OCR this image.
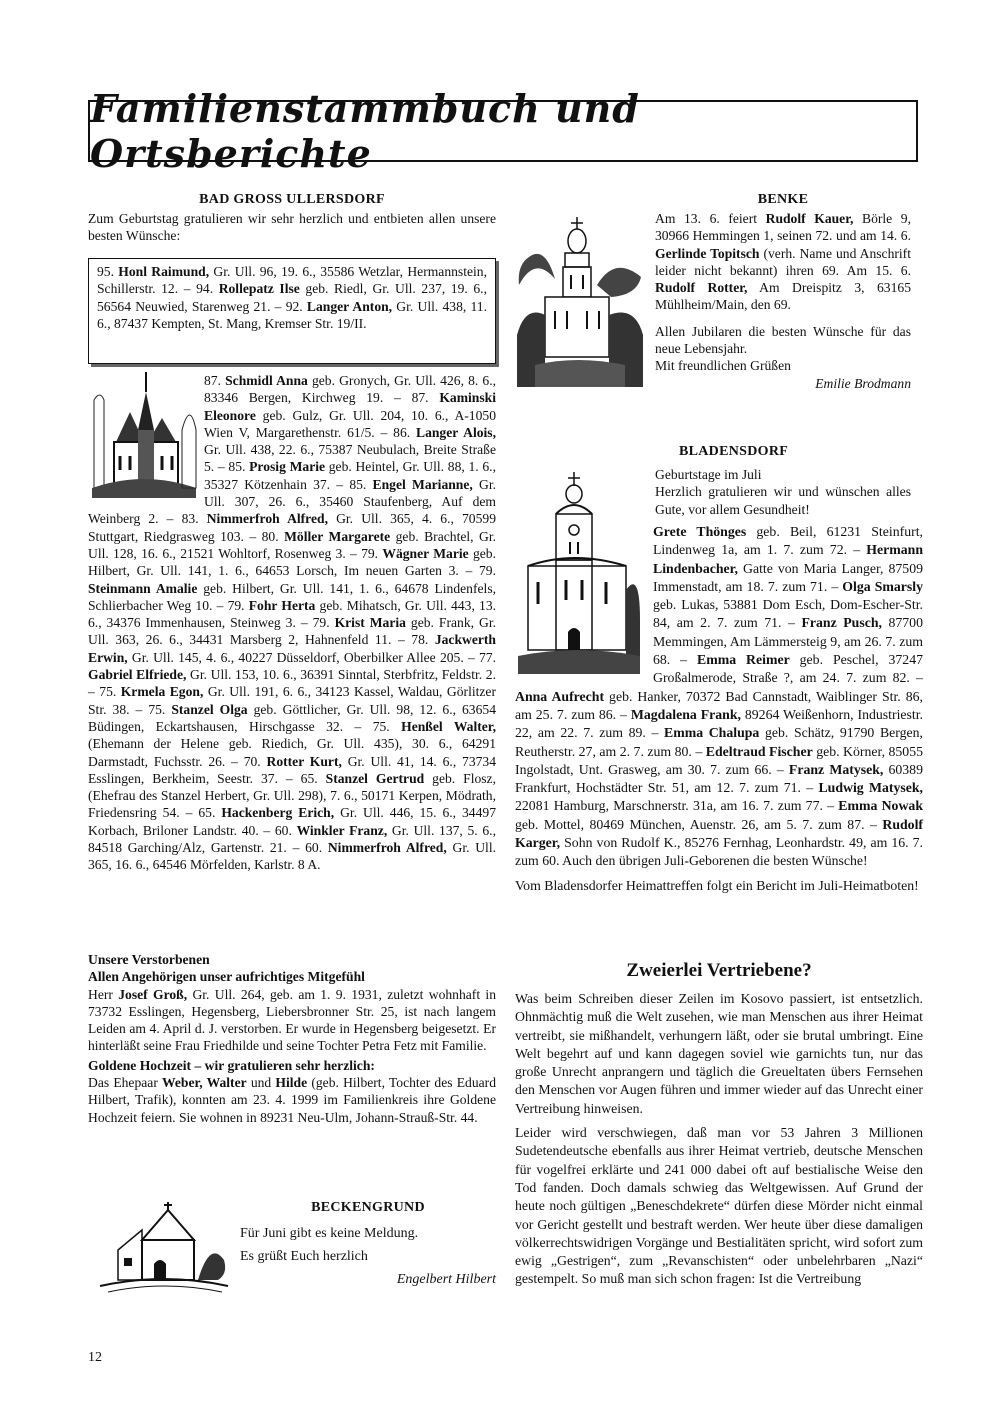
Familienstammbuch und Ortsberichte
BAD GROSS ULLERSDORF
Zum Geburtstag gratulieren wir sehr herzlich und entbieten allen unsere besten Wünsche:

95. Honl Raimund, Gr. Ull. 96, 19. 6., 35586 Wetzlar, Hermannstein, Schillerstr. 12. – 94. Rollepatz Ilse geb. Riedl, Gr. Ull. 237, 19. 6., 56564 Neuwied, Starenweg 21. – 92. Langer Anton, Gr. Ull. 438, 11. 6., 87437 Kempten, St. Mang, Kremser Str. 19/II.

87. Schmidl Anna geb. Gronych, Gr. Ull. 426, 8. 6., 83346 Bergen, Kirchweg 19. – 87. Kaminski Eleonore geb. Gulz, Gr. Ull. 204, 10. 6., A-1050 Wien V, Margarethenstr. 61/5. – 86. Langer Alois, Gr. Ull. 438, 22. 6., 75387 Neubulach, Breite Straße 5. – 85. Prosig Marie geb. Heintel, Gr. Ull. 88, 1. 6., 35327 Kötzenhain 37. – 85. Engel Marianne, Gr. Ull. 307, 26. 6., 35460 Staufenberg, Auf dem Weinberg 2. – 83. Nimmerfroh Alfred, Gr. Ull. 365, 4. 6., 70599 Stuttgart, Riedgrasweg 103. – 80. Möller Margarete geb. Brachtel, Gr. Ull. 128, 16. 6., 21521 Wohltorf, Rosenweg 3. – 79. Wägner Marie geb. Hilbert, Gr. Ull. 141, 1. 6., 64653 Lorsch, Im neuen Garten 3. – 79. Steinmann Amalie geb. Hilbert, Gr. Ull. 141, 1. 6., 64678 Lindenfels, Schlierbacher Weg 10. – 79. Fohr Herta geb. Mihatsch, Gr. Ull. 443, 13. 6., 34376 Immenhausen, Steinweg 3. – 79. Krist Maria geb. Frank, Gr. Ull. 363, 26. 6., 34431 Marsberg 2, Hahnenfeld 11. – 78. Jackwerth Erwin, Gr. Ull. 145, 4. 6., 40227 Düsseldorf, Oberbilker Allee 205. – 77. Gabriel Elfriede, Gr. Ull. 153, 10. 6., 36391 Sinntal, Sterbfritz, Feldstr. 2. – 75. Krmela Egon, Gr. Ull. 191, 6. 6., 34123 Kassel, Waldau, Görlitzer Str. 38. – 75. Stanzel Olga geb. Göttlicher, Gr. Ull. 98, 12. 6., 63654 Büdingen, Eckartshausen, Hirschgasse 32. – 75. Henßel Walter, (Ehemann der Helene geb. Riedich, Gr. Ull. 435), 30. 6., 64291 Darmstadt, Fuchsstr. 26. – 70. Rotter Kurt, Gr. Ull. 41, 14. 6., 73734 Esslingen, Berkheim, Seestr. 37. – 65. Stanzel Gertrud geb. Flosz, (Ehefrau des Stanzel Herbert, Gr. Ull. 298), 7. 6., 50171 Kerpen, Mödrath, Friedensring 54. – 65. Hackenberg Erich, Gr. Ull. 446, 15. 6., 34497 Korbach, Briloner Landstr. 40. – 60. Winkler Franz, Gr. Ull. 137, 5. 6., 84518 Garching/Alz, Gartenstr. 21. – 60. Nimmerfroh Alfred, Gr. Ull. 365, 16. 6., 64546 Mörfelden, Karlstr. 8 A.

Unsere Verstorbenen

Allen Angehörigen unser aufrichtiges Mitgefühl

Herr Josef Groß, Gr. Ull. 264, geb. am 1. 9. 1931, zuletzt wohnhaft in 73732 Esslingen, Hegensberg, Liebersbronner Str. 25, ist nach langem Leiden am 4. April d. J. verstorben. Er wurde in Hegensberg beigesetzt. Er hinterläßt seine Frau Friedhilde und seine Tochter Petra Fetz mit Familie.

Goldene Hochzeit – wir gratulieren sehr herzlich:

Das Ehepaar Weber, Walter und Hilde (geb. Hilbert, Tochter des Eduard Hilbert, Trafik), konnten am 23. 4. 1999 im Familienkreis ihre Goldene Hochzeit feiern. Sie wohnen in 89231 Neu-Ulm, Johann-Strauß-Str. 44.

BECKENGRUND

Für Juni gibt es keine Meldung.

Es grüßt Euch herzlich

Engelbert Hilbert

12
BENKE

Am 13. 6. feiert Rudolf Kauer, Börle 9, 30966 Hemmingen 1, seinen 72. und am 14. 6. Gerlinde Topitsch (verh. Name und Anschrift leider nicht bekannt) ihren 69. Am 15. 6. Rudolf Rotter, Am Dreispitz 3, 63165 Mühlheim/Main, den 69.

Allen Jubilaren die besten Wünsche für das neue Lebensjahr.

Mit freundlichen Grüßen

Emilie Brodmann

BLADENSDORF

Geburtstage im Juli

Herzlich gratulieren wir und wünschen alles Gute, vor allem Gesundheit!

Grete Thönges geb. Beil, 61231 Steinfurt, Lindenweg 1a, am 1. 7. zum 72. – Hermann Lindenbacher, Gatte von Maria Langer, 87509 Immenstadt, am 18. 7. zum 71. – Olga Smarsly geb. Lukas, 53881 Dom Esch, Dom-Escher-Str. 84, am 2. 7. zum 71. – Franz Pusch, 87700 Memmingen, Am Lämmersteig 9, am 26. 7. zum 68. – Emma Reimer geb. Peschel, 37247 Großalmerode, Straße ?, am 24. 7. zum 82. – Anna Aufrecht geb. Hanker, 70372 Bad Cannstadt, Waiblinger Str. 86, am 25. 7. zum 86. – Magdalena Frank, 89264 Weißenhorn, Industriestr. 22, am 22. 7. zum 89. – Emma Chalupa geb. Schätz, 91790 Bergen, Reutherstr. 27, am 2. 7. zum 80. – Edeltraud Fischer geb. Körner, 85055 Ingolstadt, Unt. Grasweg, am 30. 7. zum 66. – Franz Matysek, 60389 Frankfurt, Hochstädter Str. 51, am 12. 7. zum 71. – Ludwig Matysek, 22081 Hamburg, Marschnerstr. 31a, am 16. 7. zum 77. – Emma Nowak geb. Mottel, 80469 München, Auenstr. 26, am 5. 7. zum 87. – Rudolf Karger, Sohn von Rudolf K., 85276 Fernhag, Leonhardstr. 49, am 16. 7. zum 60. Auch den übrigen Juli-Geborenen die besten Wünsche!

Vom Bladensdorfer Heimattreffen folgt ein Bericht im Juli-Heimatboten!

Zweierlei Vertriebene?

Was beim Schreiben dieser Zeilen im Kosovo passiert, ist entsetzlich. Ohnmächtig muß die Welt zusehen, wie man Menschen aus ihrer Heimat vertreibt, sie mißhandelt, verhungern läßt, oder sie brutal umbringt. Eine Welt begehrt auf und kann dagegen soviel wie garnichts tun, nur das große Unrecht anprangern und täglich die Greueltaten übers Fernsehen den Menschen vor Augen führen und immer wieder auf das Unrecht einer Vertreibung hinweisen.

Leider wird verschwiegen, daß man vor 53 Jahren 3 Millionen Sudetendeutsche ebenfalls aus ihrer Heimat vertrieb, deutsche Menschen für vogelfrei erklärte und 241 000 dabei oft auf bestialische Weise den Tod fanden. Doch damals schwieg das Weltgewissen. Auf Grund der heute noch gültigen „Beneschdekrete“ dürfen diese Mörder nicht einmal vor Gericht gestellt und bestraft werden. Wer heute über diese damaligen völkerrechtswidrigen Vorgänge und Bestialitäten spricht, wird sofort zum ewig „Gestrigen“, zum „Revanschisten“ oder unbelehrbaren „Nazi“ gestempelt. So muß man sich schon fragen: Ist die Vertreibung
